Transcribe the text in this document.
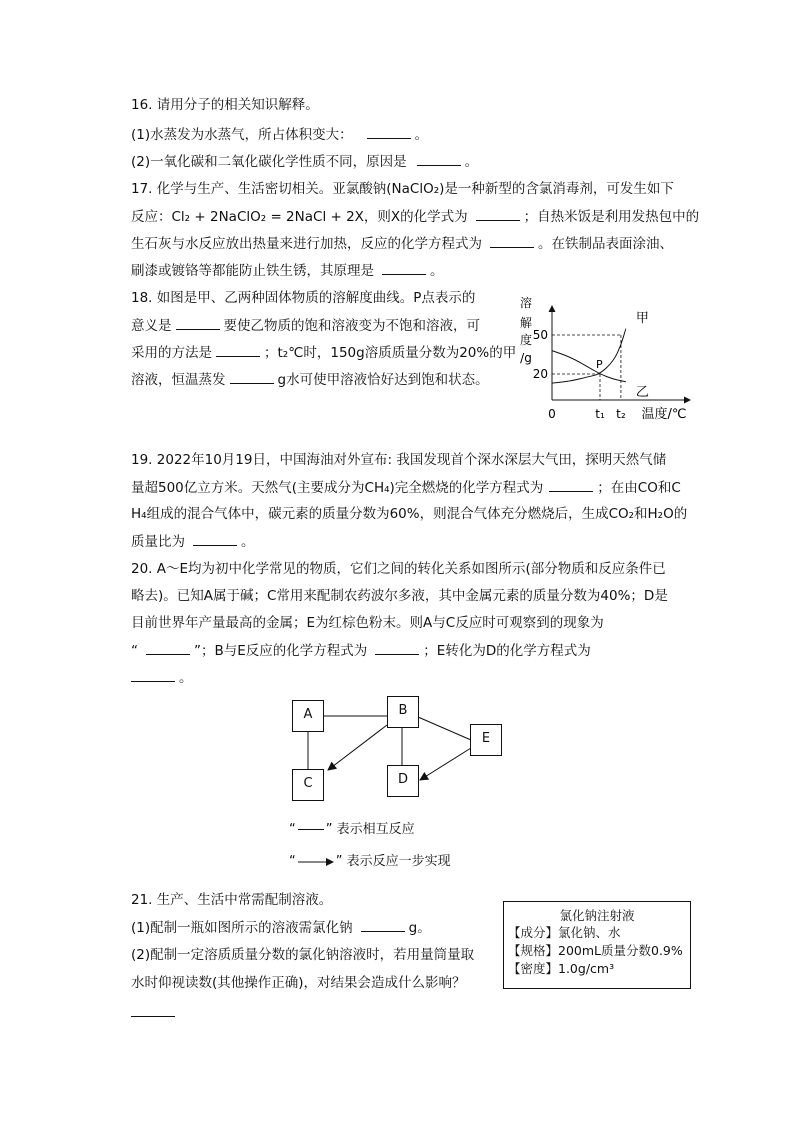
16. 请用分子的相关知识解释。
(1)水蒸发为水蒸气，所占体积变大：	。
(2)一氧化碳和二氧化碳化学性质不同，原因是	。
17. 化学与生产、生活密切相关。亚氯酸钠(NaClO₂)是一种新型的含氯消毒剂，可发生如下
反应：Cl₂ + 2NaClO₂ = 2NaCl + 2X，则X的化学式为	；自热米饭是利用发热包中的
生石灰与水反应放出热量来进行加热，反应的化学方程式为	。在铁制品表面涂油、
刷漆或镀铬等都能防止铁生锈，其原理是	。
18. 如图是甲、乙两种固体物质的溶解度曲线。P点表示的
意义是	要使乙物质的饱和溶液变为不饱和溶液，可
采用的方法是	；t₂℃时，150g溶质质量分数为20%的甲
溶液，恒温蒸发	g水可使甲溶液恰好达到饱和状态。
溶
解
度
/g
50
20
甲
乙
P
t₁ t₂
0	温度/℃
19. 2022年10月19日，中国海油对外宣布: 我国发现首个深水深层大气田，探明天然气储
量超500亿立方米。天然气(主要成分为CH₄)完全燃烧的化学方程式为	；在由CO和C
H₄组成的混合气体中，碳元素的质量分数为60%，则混合气体充分燃烧后，生成CO₂和H₂O的
质量比为	。
20. A～E均为初中化学常见的物质，它们之间的转化关系如图所示(部分物质和反应条件已
略去)。已知A属于碱；C常用来配制农药波尔多液，其中金属元素的质量分数为40%；D是
目前世界年产量最高的金属；E为红棕色粉末。则A与C反应时可观察到的现象为
“	”；B与E反应的化学方程式为	；E转化为D的化学方程式为
。
A	B
C	D
E
“ ” 表示相互反应
“	” 表示反应一步实现
21. 生产、生活中常需配制溶液。
(1)配制一瓶如图所示的溶液需氯化钠	g。
(2)配制一定溶质质量分数的氯化钠溶液时，若用量筒量取
水时仰视读数(其他操作正确)，对结果会造成什么影响？
氯化钠注射液
【成分】氯化钠、水
【规格】200mL质量分数0.9%
【密度】1.0g/cm³
